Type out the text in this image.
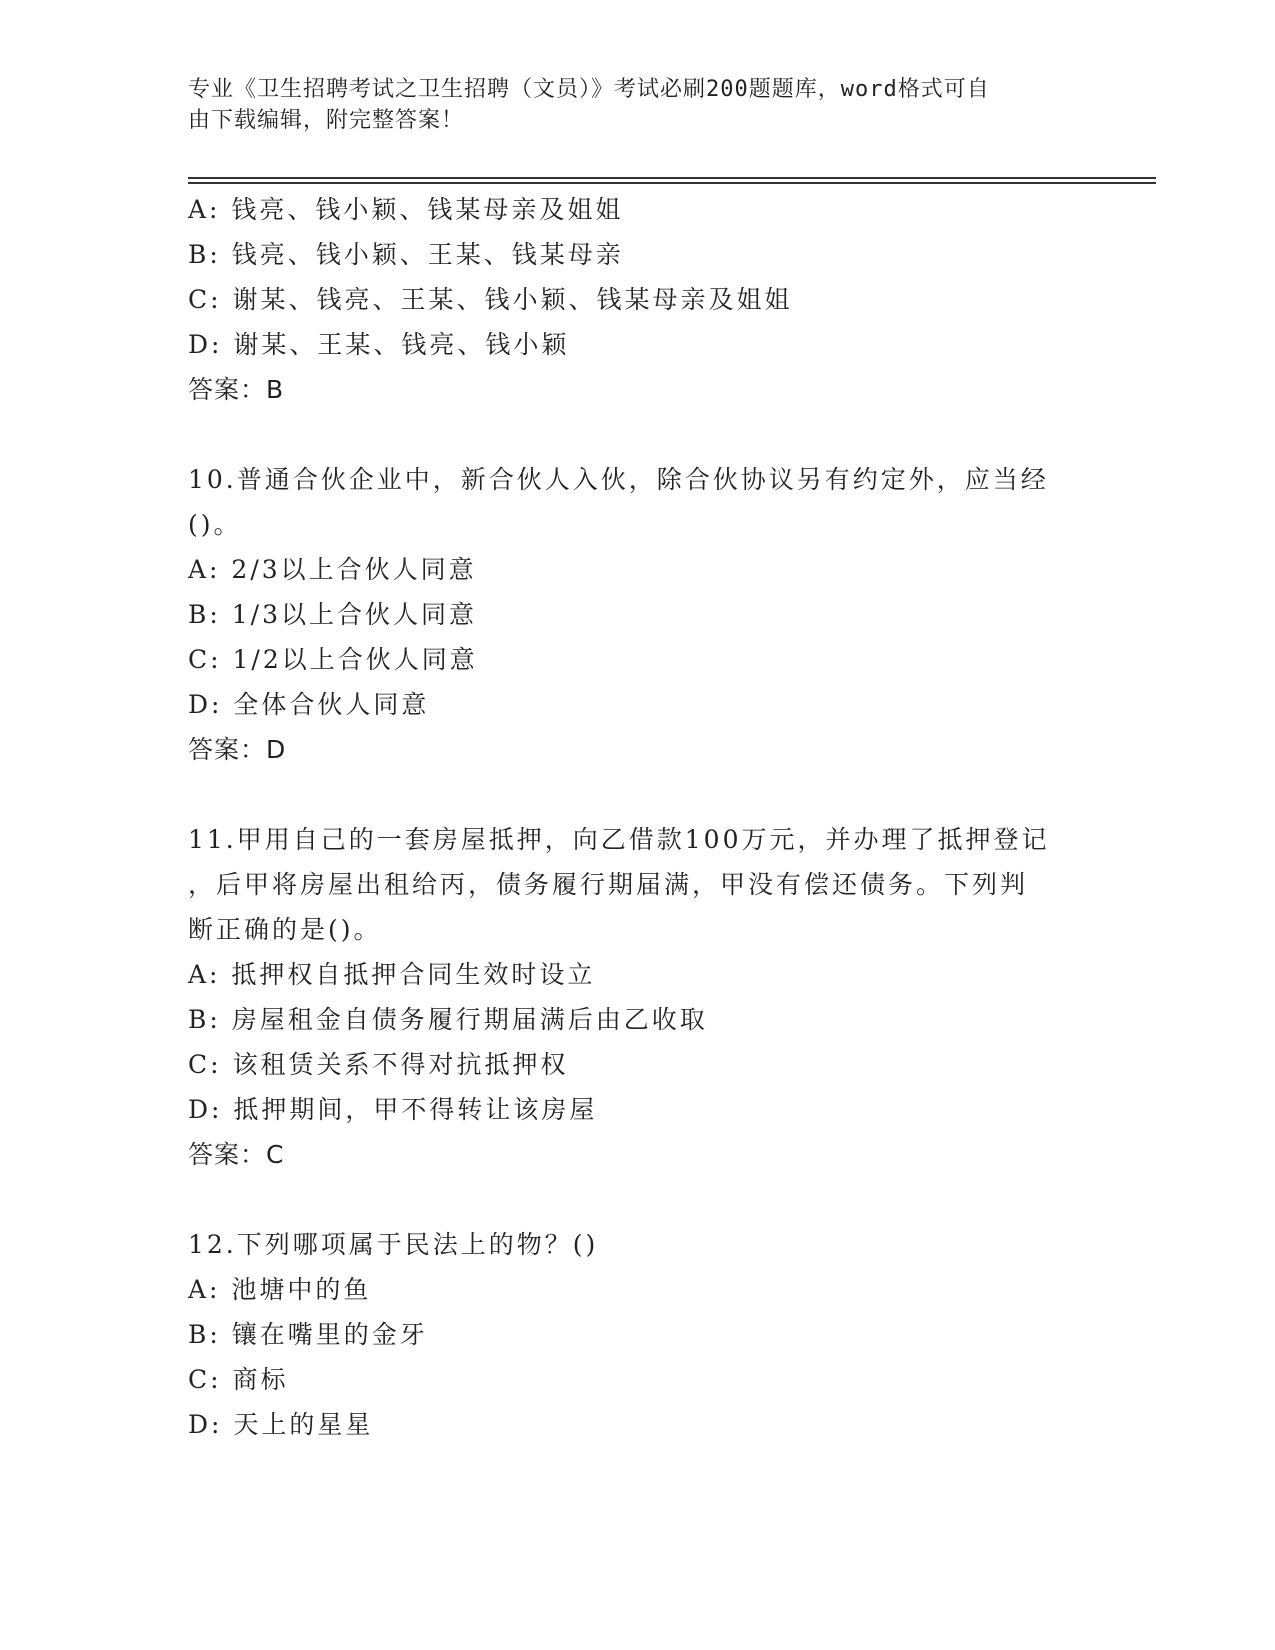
专业《卫生招聘考试之卫生招聘（文员）》考试必刷200题题库，word格式可自
由下载编辑，附完整答案！
A: 钱亮、钱小颖、钱某母亲及姐姐
B: 钱亮、钱小颖、王某、钱某母亲
C: 谢某、钱亮、王某、钱小颖、钱某母亲及姐姐
D: 谢某、王某、钱亮、钱小颖
答案：B
10.普通合伙企业中，新合伙人入伙，除合伙协议另有约定外，应当经
()。
A: 2/3以上合伙人同意
B: 1/3以上合伙人同意
C: 1/2以上合伙人同意
D: 全体合伙人同意
答案：D
11.甲用自己的一套房屋抵押，向乙借款100万元，并办理了抵押登记
，后甲将房屋出租给丙，债务履行期届满，甲没有偿还债务。下列判
断正确的是()。
A: 抵押权自抵押合同生效时设立
B: 房屋租金自债务履行期届满后由乙收取
C: 该租赁关系不得对抗抵押权
D: 抵押期间，甲不得转让该房屋
答案：C
12.下列哪项属于民法上的物？()
A: 池塘中的鱼
B: 镶在嘴里的金牙
C: 商标
D: 天上的星星
